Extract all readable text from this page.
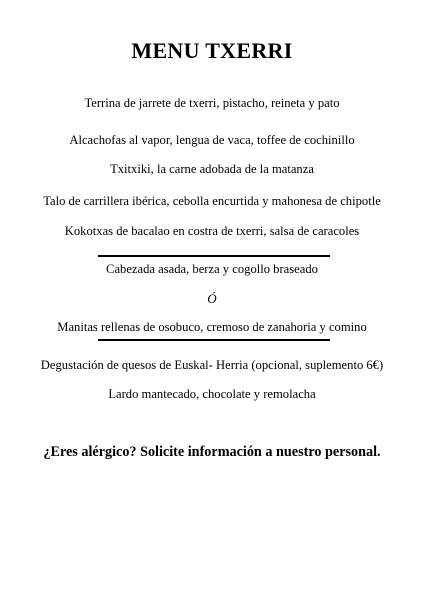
MENU TXERRI
Terrina de jarrete de txerri, pistacho, reineta y pato
Alcachofas al vapor, lengua de vaca, toffee de cochinillo
Txitxiki, la carne adobada de la matanza
Talo de carrillera ibérica, cebolla encurtida y mahonesa de chipotle
Kokotxas de bacalao en costra de txerri, salsa de caracoles
Cabezada asada, berza y cogollo braseado
Ó
Manitas rellenas de osobuco, cremoso de zanahoria y comino
Degustación de quesos de Euskal- Herria (opcional, suplemento 6€)
Lardo mantecado, chocolate y remolacha
¿Eres alérgico? Solicite información a nuestro personal.
